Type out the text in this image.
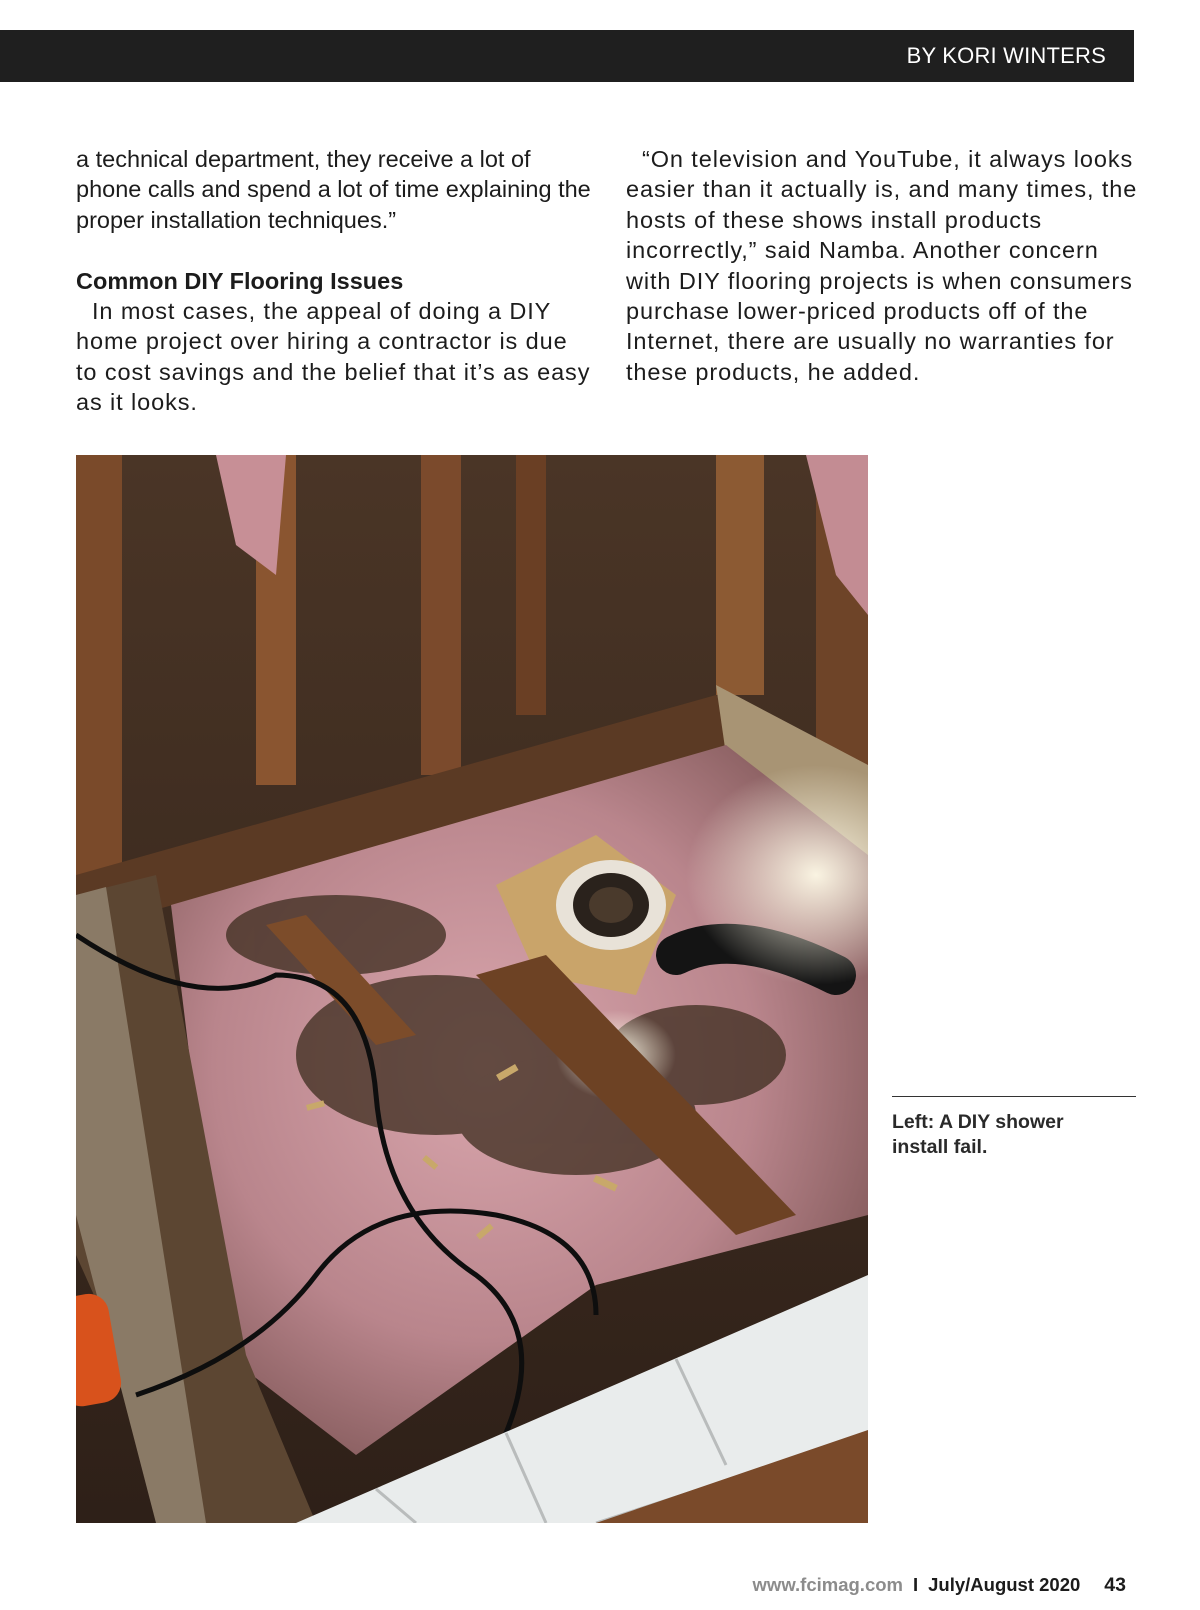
BY KORI WINTERS

a technical department, they receive a lot of phone calls and spend a lot of time explaining the proper installation techniques.”

Common DIY Flooring Issues

In most cases, the appeal of doing a DIY home project over hiring a contractor is due to cost savings and the belief that it’s as easy as it looks.

“On television and YouTube, it always looks easier than it actually is, and many times, the hosts of these shows install products incorrectly,” said Namba. Another concern with DIY flooring projects is when consumers purchase lower-priced products off of the Internet, there are usually no warranties for these products, he added.

Left: A DIY shower install fail.
www.fcimag.com I July/August 2020 43
